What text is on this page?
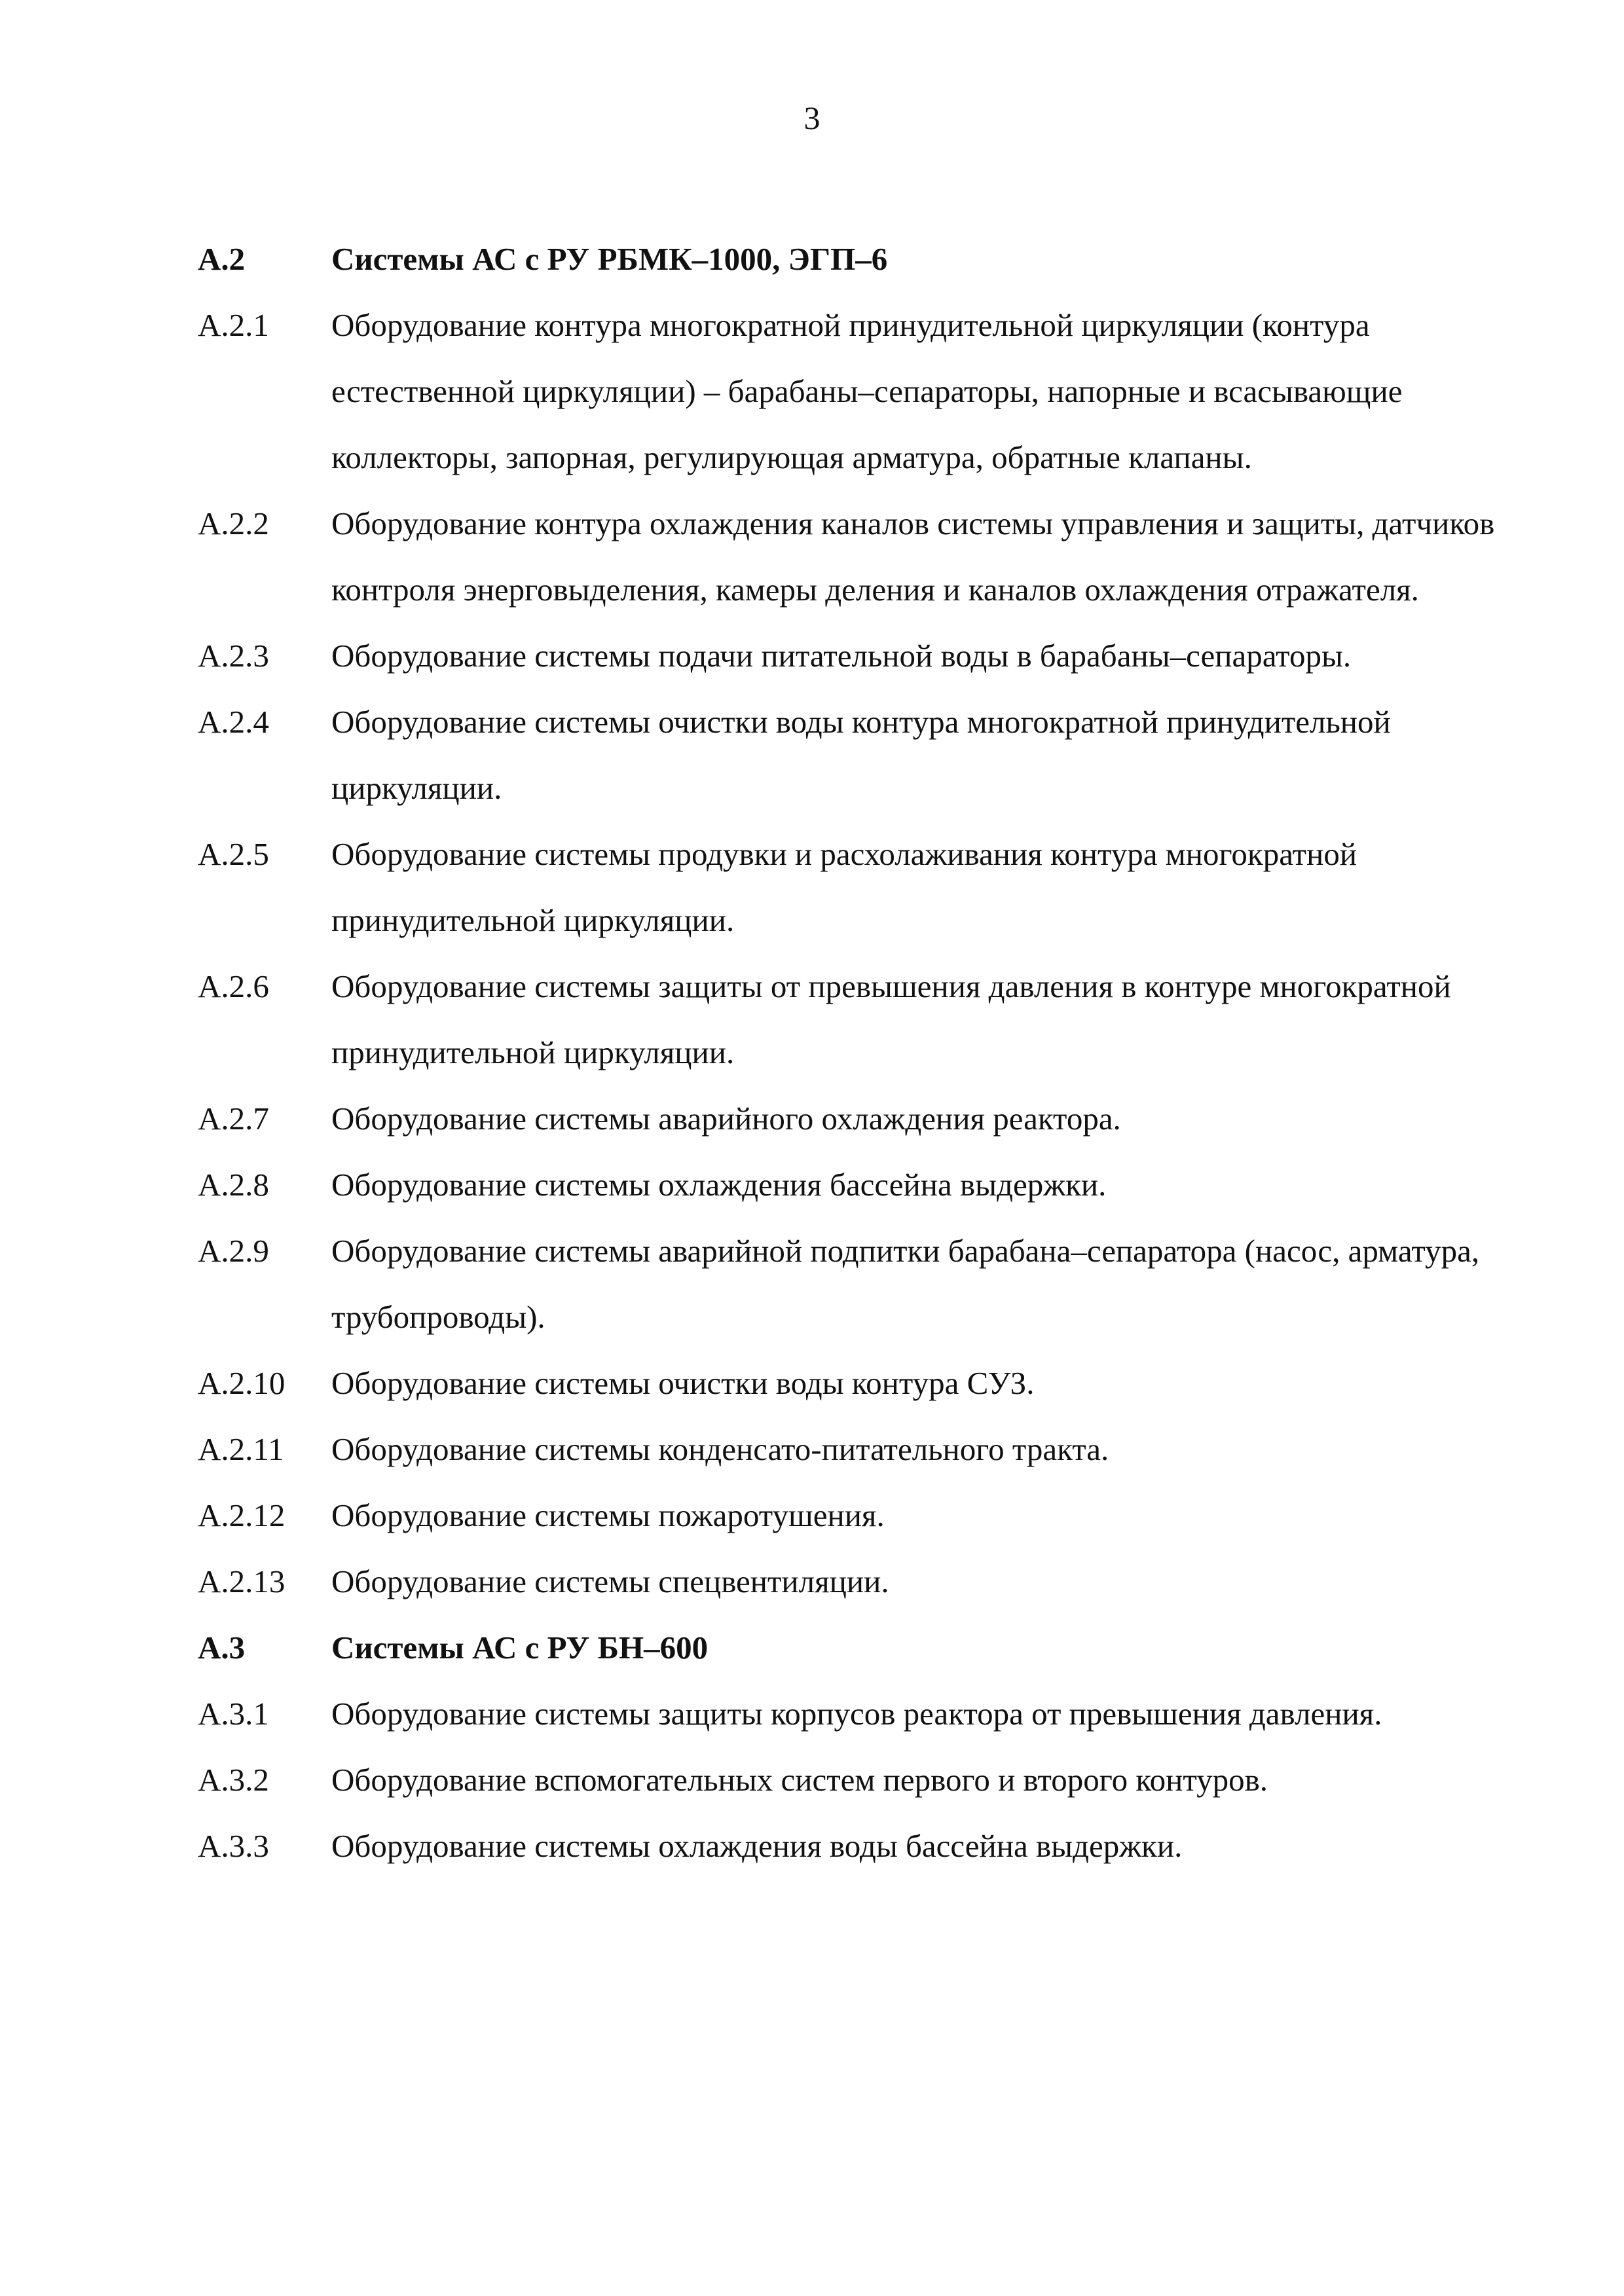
3
А.2	Системы АС с РУ РБМК–1000, ЭГП–6
А.2.1 Оборудование контура многократной принудительной циркуляции (контура естественной циркуляции) – барабаны–сепараторы, напорные и всасывающие коллекторы, запорная, регулирующая арматура, обратные клапаны.
А.2.2 Оборудование контура охлаждения каналов системы управления и защиты, датчиков контроля энерговыделения, камеры деления и каналов охлаждения отражателя.
А.2.3 Оборудование системы подачи питательной воды в барабаны–сепараторы.
А.2.4 Оборудование системы очистки воды контура многократной принудительной циркуляции.
А.2.5 Оборудование системы продувки и расхолаживания контура многократной принудительной циркуляции.
А.2.6 Оборудование системы защиты от превышения давления в контуре многократной принудительной циркуляции.
А.2.7 Оборудование системы аварийного охлаждения реактора.
А.2.8 Оборудование системы охлаждения бассейна выдержки.
А.2.9 Оборудование системы аварийной подпитки барабана–сепаратора (насос, арматура, трубопроводы).
А.2.10 Оборудование системы очистки воды контура СУЗ.
А.2.11 Оборудование системы конденсато-питательного тракта.
А.2.12 Оборудование системы пожаротушения.
А.2.13 Оборудование системы спецвентиляции.
А.3	Системы АС с РУ БН–600
А.3.1 Оборудование системы защиты корпусов реактора от превышения давления.
А.3.2 Оборудование вспомогательных систем первого и второго контуров.
А.3.3 Оборудование системы охлаждения воды бассейна выдержки.
